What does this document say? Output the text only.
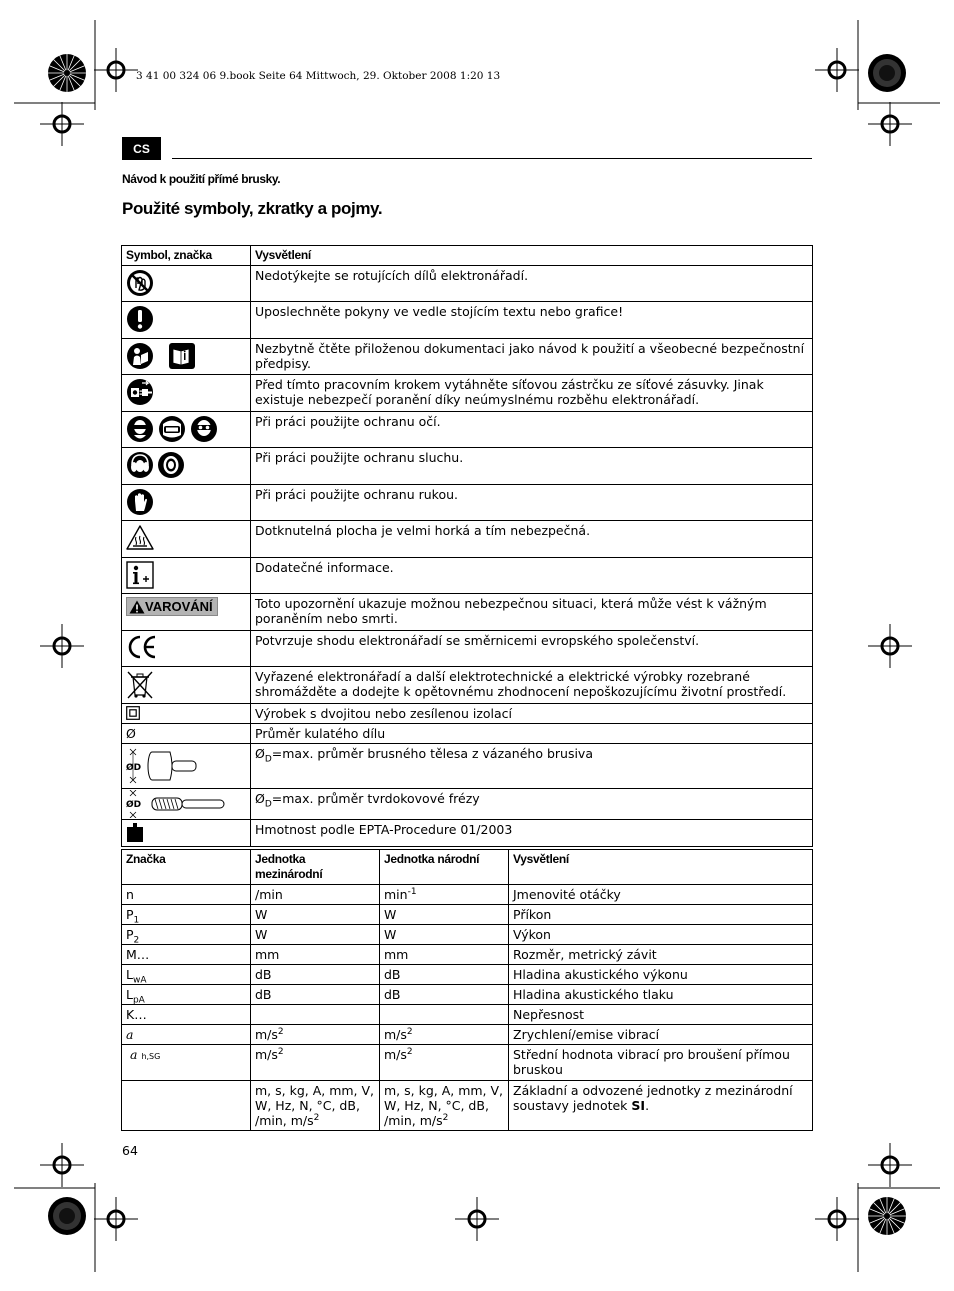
3 41 00 324 06 9.book Seite 64 Mittwoch, 29. Oktober 2008 1:20 13
CS
Návod k použití přímé brusky.
Použité symboly, zkratky a pojmy.
Symbol, značka	Vysvětlení
	Nedotýkejte se rotujících dílů elektronářadí.
	Uposlechněte pokyny ve vedle stojícím textu nebo grafice!
	Nezbytně čtěte přiloženou dokumentaci jako návod k použití a všeobecné bezpečnostní předpisy.
	Před tímto pracovním krokem vytáhněte síťovou zástrčku ze síťové zásuvky. Jinak existuje nebezpečí poranění díky neúmyslnému rozběhu elektronářadí.
	Při práci použijte ochranu očí.
	Při práci použijte ochranu sluchu.
	Při práci použijte ochranu rukou.
	Dotknutelná plocha je velmi horká a tím nebezpečná.
	Dodatečné informace.

VAROVÁNÍ	Toto upozornění ukazuje možnou nebezpečnou situaci, která může vést k vážným poraněním nebo smrti.
	Potvrzuje shodu elektronářadí se směrnicemi evropského společenství.
	Vyřazené elektronářadí a další elektrotechnické a elektrické výrobky rozebrané shromážděte a dodejte k opětovnému zhodnocení nepoškozujícímu životní prostředí.
	Výrobek s dvojitou nebo zesílenou izolací
Ø	Průměr kulatého dílu

ØD	$Ø_D=\max$. průměr brusného tělesa z vázaného brusiva

ØD	$Ø_D=\max$. průměr tvrdokovové frézy
	Hmotnost podle EPTA-Procedure 01/2003
Značka	Jednotka mezinárodní	Jednotka národní	Vysvětlení
n	/min	$\min^{-1}$	Jmenovité otáčky
$P_1$	W	W	Příkon
$P_2$	W	W	Výkon
M…	mm	mm	Rozměr, metrický závit
$L_{wA}$	dB	dB	Hladina akustického výkonu
$L_{pA}$	dB	dB	Hladina akustického tlaku
K…			Nepřesnost
a	$m/s^2$	$m/s^2$	Zrychlení/emise vibrací
a h,SG	$m/s^2$	$m/s^2$	Střední hodnota vibrací pro broušení přímou bruskou
	m, s, kg, A, mm, V, W, Hz, N, °C, dB, /min, $m/s^2$	m, s, kg, A, mm, V, W, Hz, N, °C, dB, /min, $m/s^2$	Základní a odvozené jednotky z mezinárodní soustavy jednotek SI.
64
